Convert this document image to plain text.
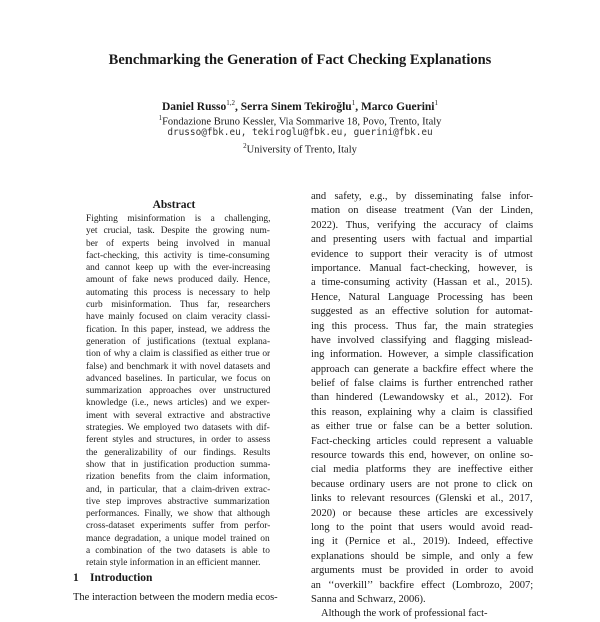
Benchmarking the Generation of Fact Checking Explanations
Daniel Russo$^{1,2}$, Serra Sinem Tekiroğlu$^1$, Marco Guerini$^1$
$^1$Fondazione Bruno Kessler, Via Sommarive 18, Povo, Trento, Italy
drusso@fbk.eu, tekiroglu@fbk.eu, guerini@fbk.eu
$^2$University of Trento, Italy
Abstract
Fighting misinformation is a challenging,
yet crucial, task. Despite the growing num-
ber of experts being involved in manual
fact-checking, this activity is time-consuming
and cannot keep up with the ever-increasing
amount of fake news produced daily. Hence,
automating this process is necessary to help
curb misinformation. Thus far, researchers
have mainly focused on claim veracity classi-
fication. In this paper, instead, we address the
generation of justifications (textual explana-
tion of why a claim is classified as either true or
false) and benchmark it with novel datasets and
advanced baselines. In particular, we focus on
summarization approaches over unstructured
knowledge (i.e., news articles) and we exper-
iment with several extractive and abstractive
strategies. We employed two datasets with dif-
ferent styles and structures, in order to assess
the generalizability of our findings. Results
show that in justification production summa-
rization benefits from the claim information,
and, in particular, that a claim-driven extrac-
tive step improves abstractive summarization
performances. Finally, we show that although
cross-dataset experiments suffer from perfor-
mance degradation, a unique model trained on
a combination of the two datasets is able to
retain style information in an efficient manner.
1 Introduction
The interaction between the modern media ecos-
and safety, e.g., by disseminating false infor-
mation on disease treatment (Van der Linden,
2022). Thus, verifying the accuracy of claims
and presenting users with factual and impartial
evidence to support their veracity is of utmost
importance. Manual fact-checking, however, is
a time-consuming activity (Hassan et al., 2015).
Hence, Natural Language Processing has been
suggested as an effective solution for automat-
ing this process. Thus far, the main strategies
have involved classifying and flagging mislead-
ing information. However, a simple classification
approach can generate a backfire effect where the
belief of false claims is further entrenched rather
than hindered (Lewandowsky et al., 2012). For
this reason, explaining why a claim is classified
as either true or false can be a better solution.
Fact-checking articles could represent a valuable
resource towards this end, however, on online so-
cial media platforms they are ineffective either
because ordinary users are not prone to click on
links to relevant resources (Glenski et al., 2017,
2020) or because these articles are excessively
long to the point that users would avoid read-
ing it (Pernice et al., 2019). Indeed, effective
explanations should be simple, and only a few
arguments must be provided in order to avoid
an ‘‘overkill’’ backfire effect (Lombrozo, 2007;
Sanna and Schwarz, 2006).
Although the work of professional fact-
